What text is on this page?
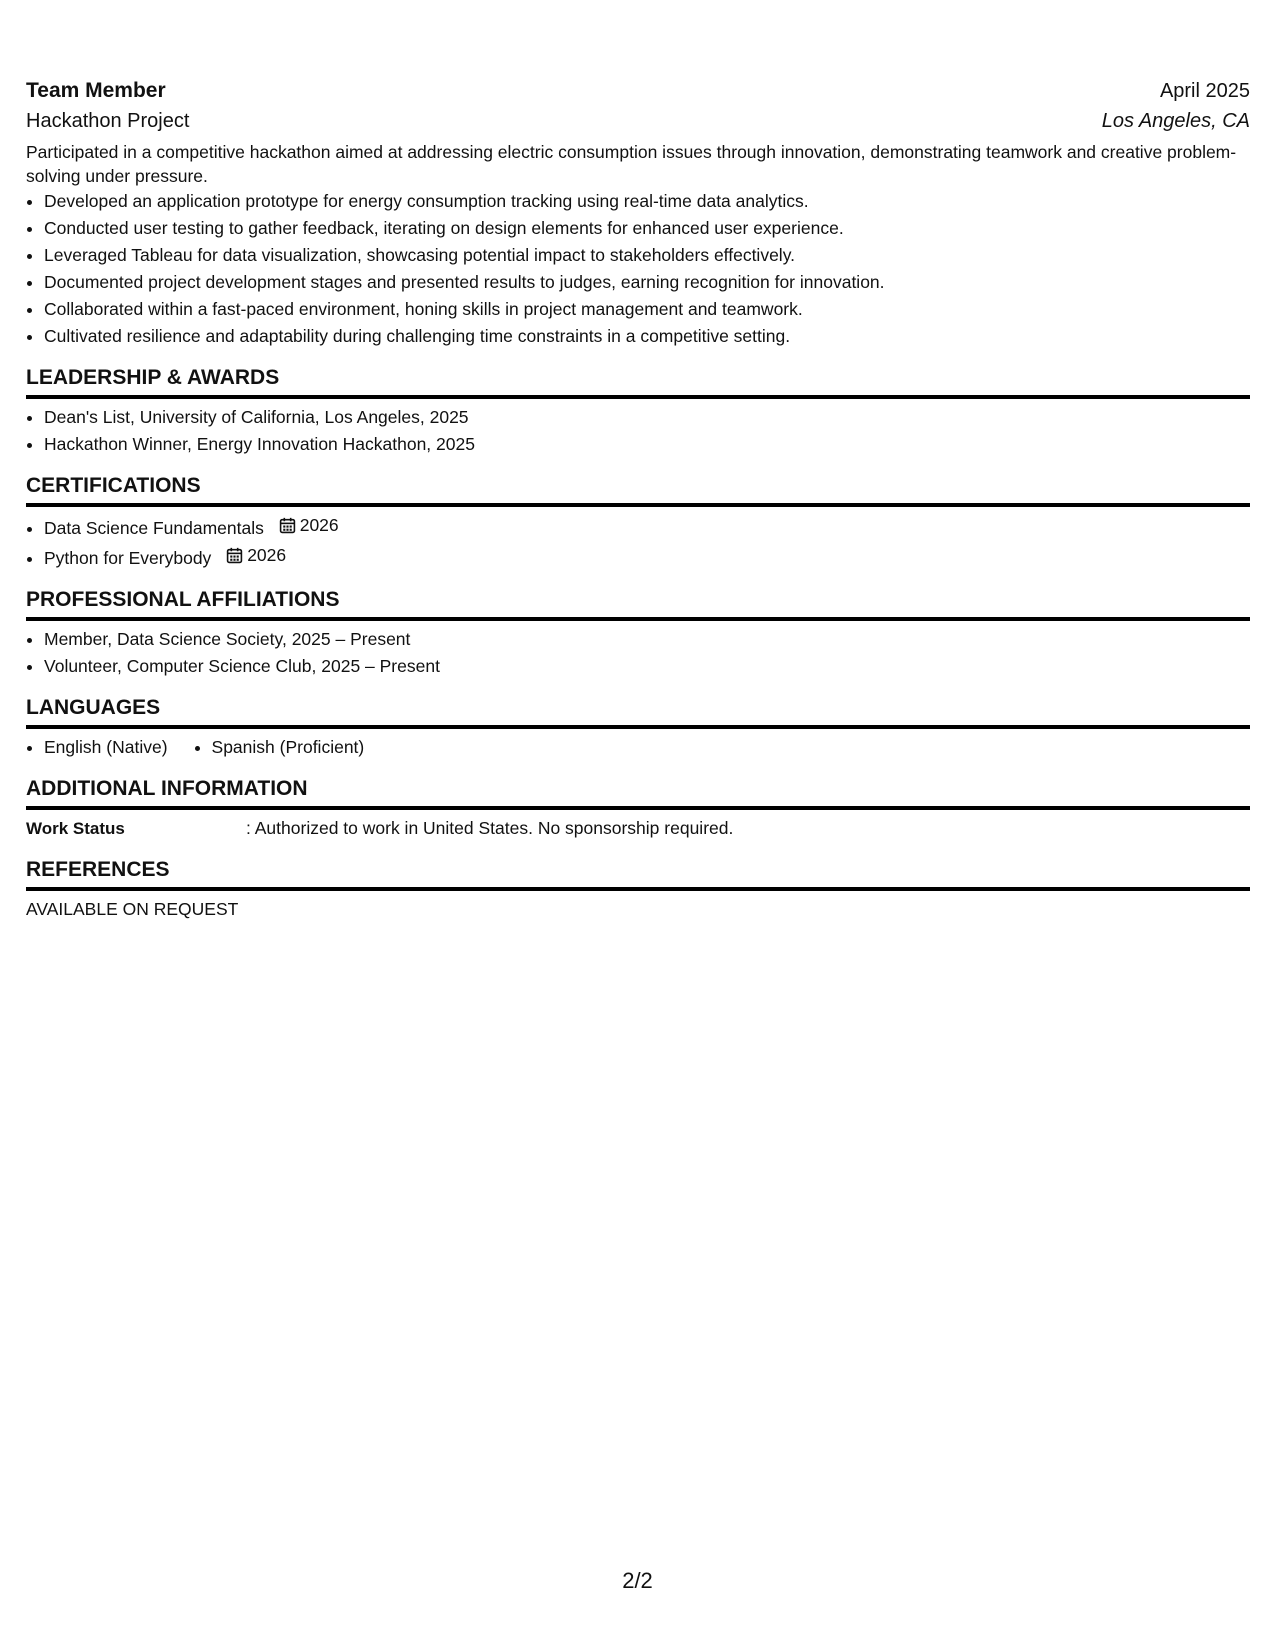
Team Member	April 2025
Hackathon Project	Los Angeles, CA
Participated in a competitive hackathon aimed at addressing electric consumption issues through innovation, demonstrating teamwork and creative problem-solving under pressure.
• Developed an application prototype for energy consumption tracking using real-time data analytics.
• Conducted user testing to gather feedback, iterating on design elements for enhanced user experience.
• Leveraged Tableau for data visualization, showcasing potential impact to stakeholders effectively.
• Documented project development stages and presented results to judges, earning recognition for innovation.
• Collaborated within a fast-paced environment, honing skills in project management and teamwork.
• Cultivated resilience and adaptability during challenging time constraints in a competitive setting.
LEADERSHIP & AWARDS
• Dean's List, University of California, Los Angeles, 2025
• Hackathon Winner, Energy Innovation Hackathon, 2025
CERTIFICATIONS
• Data Science Fundamentals 2026
• Python for Everybody 2026
PROFESSIONAL AFFILIATIONS
• Member, Data Science Society, 2025 – Present
• Volunteer, Computer Science Club, 2025 – Present
LANGUAGES
• English (Native)
•	Spanish (Proficient)
ADDITIONAL INFORMATION
Work Status	: Authorized to work in United States. No sponsorship required.
REFERENCES
AVAILABLE ON REQUEST
2/2
